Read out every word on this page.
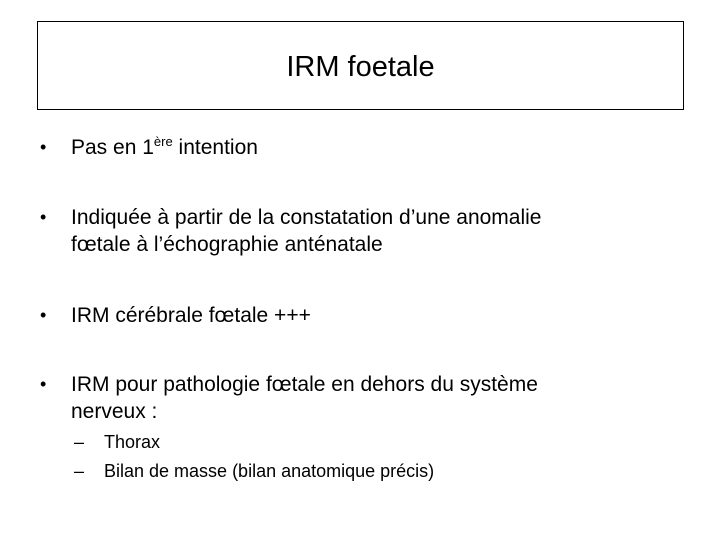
IRM foetale
• Pas en 1ère intention
• Indiquée à partir de la constatation d’une anomalie
fœtale à l’échographie anténatale
• IRM cérébrale fœtale +++
• IRM pour pathologie fœtale en dehors du système
nerveux :
– Thorax
– Bilan de masse (bilan anatomique précis)
